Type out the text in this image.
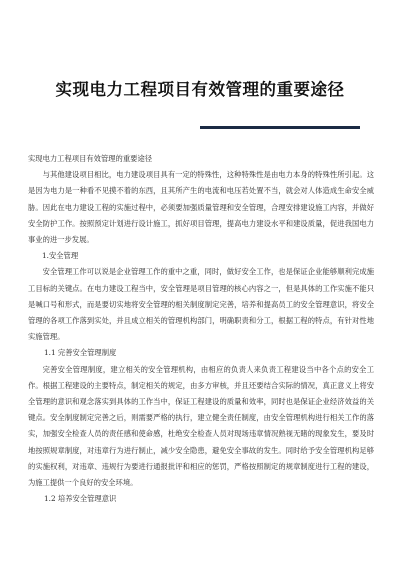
实现电力工程项目有效管理的重要途径

实现电力工程项目有效管理的重要途径

与其他建设项目相比，电力建设项目具有一定的特殊性，这种特殊性是由电力本身的特殊性所引起。这是因为电力是一种看不见摸不着的东西，且其所产生的电流和电压若处置不当，就会对人体造成生命安全威胁。因此在电力建设工程的实施过程中，必须要加强质量管理和安全管理，合理安排建设施工内容，并做好安全防护工作。按照预定计划进行设计施工，抓好项目管理，提高电力建设水平和建设质量，促进我国电力事业的进一步发展。

1.安全管理

安全管理工作可以说是企业管理工作的重中之重，同时，做好安全工作，也是保证企业能够顺利完成施工目标的关键点。在电力建设工程当中，安全管理是项目管理的核心内容之一，但是具体的工作实施不能只是喊口号和形式，而是要切实地将安全管理的相关制度制定完善，培养和提高员工的安全管理意识，将安全管理的各项工作落到实处，并且成立相关的管理机构部门，明确职责和分工，根据工程的特点，有针对性地实施管理。

1.1 完善安全管理制度

完善安全管理制度，建立相关的安全管理机构，由相应的负责人来负责工程建设当中各个点的安全工作。根据工程建设的主要特点，制定相关的规定，由多方审核，并且还要结合实际的情况，真正意义上将安全管理的意识和观念落实到具体的工作当中，保证工程建设的质量和效率，同时也是保证企业经济效益的关键点。安全制度制定完善之后，则需要严格的执行，建立健全责任制度，由安全管理机构进行相关工作的落实，加强安全检查人员的责任感和使命感，杜绝安全检查人员对现场违章情况熟视无睹的现象发生，要及时地按照规章制度，对违章行为进行制止，减少安全隐患，避免安全事故的发生。同时给予安全管理机构足够的实施权利，对违章、违规行为要进行通报批评和相应的惩罚，严格按照制定的规章制度进行工程的建设，为施工提供一个良好的安全环境。

1.2 培养安全管理意识
